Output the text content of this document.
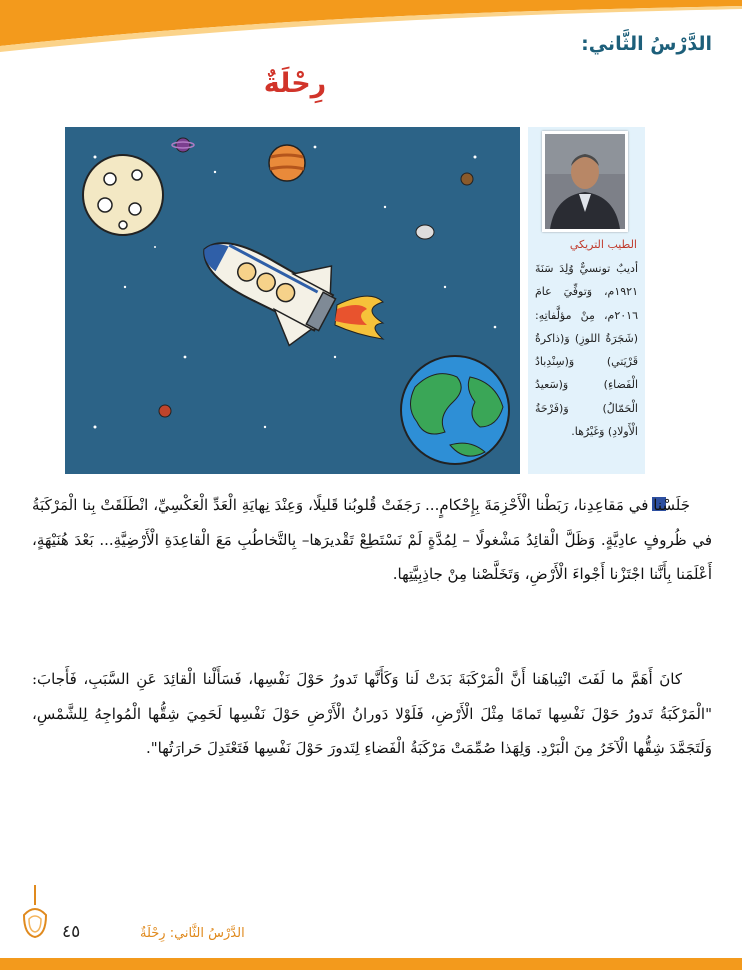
الدَّرْسُ الثَّاني:
رِحْلَةٌ
الطيب التريكي
أديبٌ تونسيٌّ وُلِدَ سَنَةَ ١٩٢١م، وَتوفِّيَ عامَ ٢٠١٦م، مِنْ مؤلَّفاتِهِ: (شَجَرَةُ اللوزِ) وَ(ذاكرةُ قَرْيَتي) وَ(سِنْدِبادُ الْفَضاءِ) وَ(سَعيدُ الْحَمّالُ) وَ(فَرْحَةُ الْأَولادِ) وَغَيْرُها.
جَلَسْنا في مَقاعِدِنا، رَبَطْنا الْأَحْزِمَةَ بِإِحْكامٍ... رَجَفَتْ قُلوبُنا قَليلًا، وَعِنْدَ نِهايَةِ الْعَدِّ الْعَكْسِيِّ، انْطَلَقَتْ بِنا الْمَرْكَبَةُ في ظُروفٍ عادِيَّةٍ. وَظَلَّ الْقائِدُ مَشْغولًا – لِمُدَّةٍ لَمْ نَسْتَطِعْ تَقْديرَها– بِالتَّخاطُبِ مَعَ الْقاعِدَةِ الْأَرْضِيَّةِ... بَعْدَ هُنَيْهَةٍ، أَعْلَمَنا بِأَنَّنا اجْتَزْنا أَجْواءَ الْأَرْضِ، وَتَخَلَّصْنا مِنْ جاذِبِيَّتِها.
كانَ أَهَمَّ ما لَفَتَ انْتِباهَنا أَنَّ الْمَرْكَبَةَ بَدَتْ لَنا وَكَأَنَّها تَدورُ حَوْلَ نَفْسِها، فَسَأَلْنا الْقائِدَ عَنِ السَّبَبِ، فَأَجابَ: "الْمَرْكَبَةُ تَدورُ حَوْلَ نَفْسِها تَمامًا مِثْلَ الْأَرْضِ، فَلَوْلا دَورانُ الْأَرْضِ حَوْلَ نَفْسِها لَحَمِيَ شِقُّها الْمُواجِهُ لِلشَّمْسِ، وَلَتَجَمَّدَ شِقُّها الْآخَرُ مِنَ الْبَرْدِ. وَلِهَذا صُمِّمَتْ مَرْكَبَةُ الْفَضاءِ لِتَدورَ حَوْلَ نَفْسِها فَتَعْتَدِلَ حَرارَتُها".
٤٥	الدَّرْسُ الثَّاني: رِحْلَةٌ
